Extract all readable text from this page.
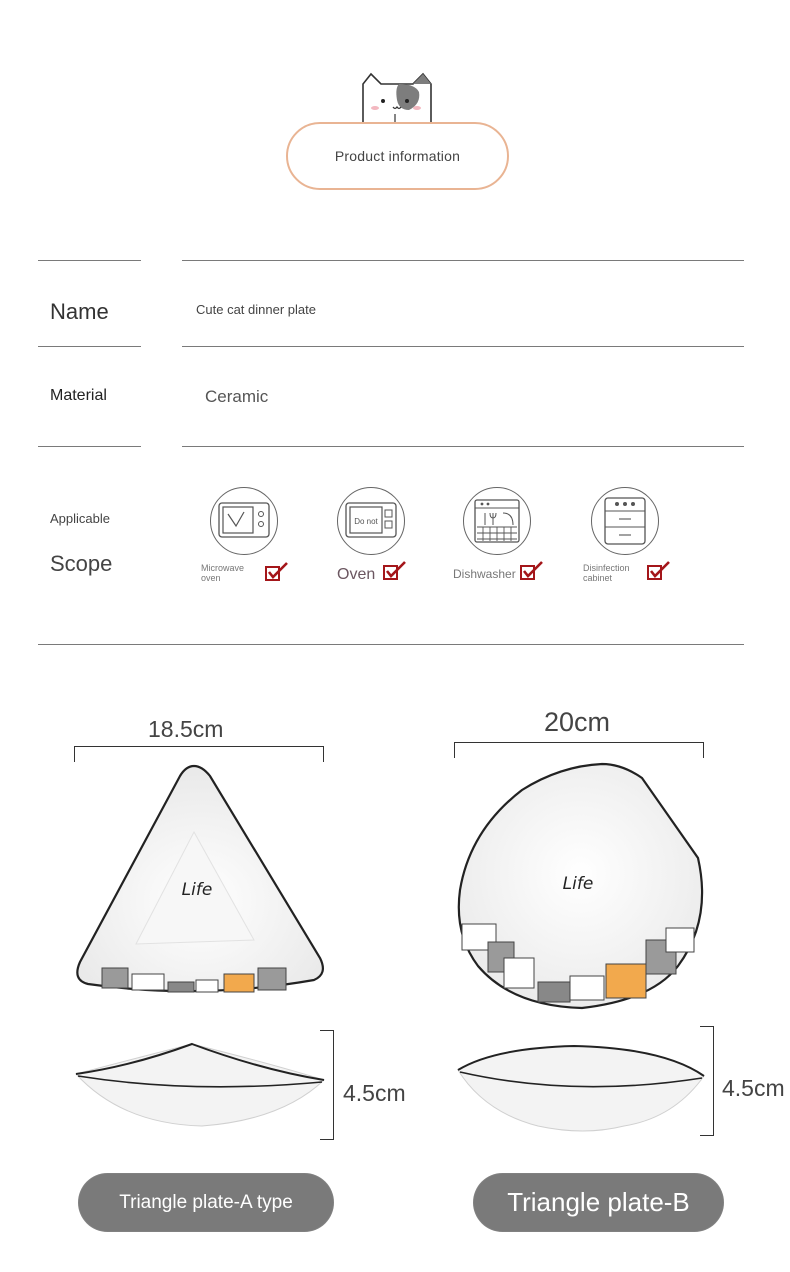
Product information
Name	Cute cat dinner plate
Material	Ceramic
Applicable
Scope	Microwave
oven
Do not
Oven	Dishwasher	Disinfection
cabinet
18.5cm
Life
4.5cm
Triangle plate-A type
20cm
Life
4.5cm
Triangle plate-B
